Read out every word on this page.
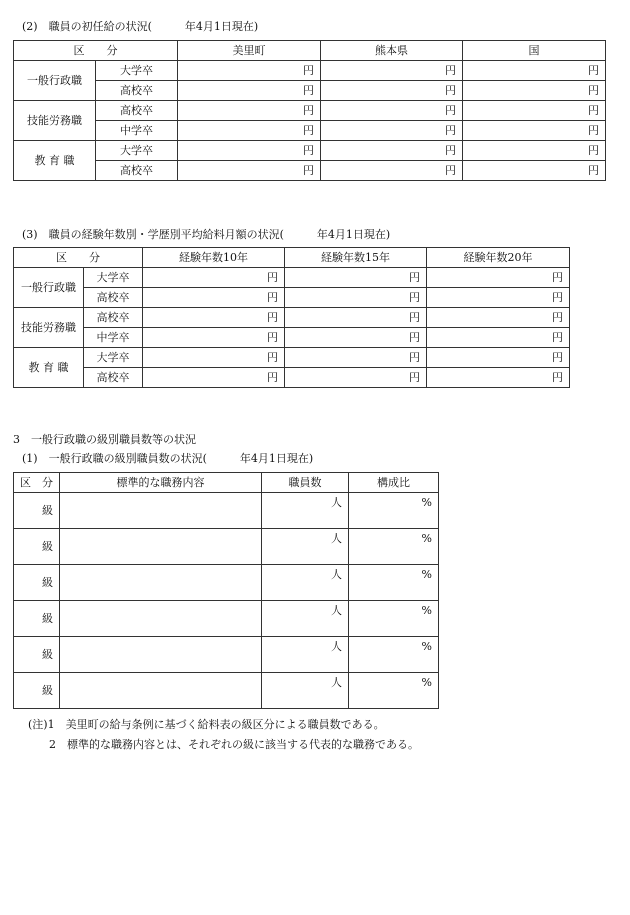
(2)　職員の初任給の状況(　　　年4月1日現在)
区　　分		美里町	熊本県	国
一般行政職	大学卒	円	円	円
	高校卒	円	円	円
技能労務職	高校卒	円	円	円
	中学卒	円	円	円
教 育 職	大学卒	円	円	円
	高校卒	円	円	円
(3)　職員の経験年数別・学歴別平均給料月額の状況(　　　年4月1日現在)
区　　分		経験年数10年	経験年数15年	経験年数20年
一般行政職	大学卒	円	円	円
	高校卒	円	円	円
技能労務職	高校卒	円	円	円
	中学卒	円	円	円
教 育 職	大学卒	円	円	円
	高校卒	円	円	円
3　一般行政職の級別職員数等の状況
(1)　一般行政職の級別職員数の状況(　　　年4月1日現在)
区　分	標準的な職務内容	職員数	構成比
級		人	%
級		人	%
級		人	%
級		人	%
級		人	%
級		人	%
(注)1　美里町の給与条例に基づく給料表の級区分による職員数である。
2　標準的な職務内容とは、それぞれの級に該当する代表的な職務である。
